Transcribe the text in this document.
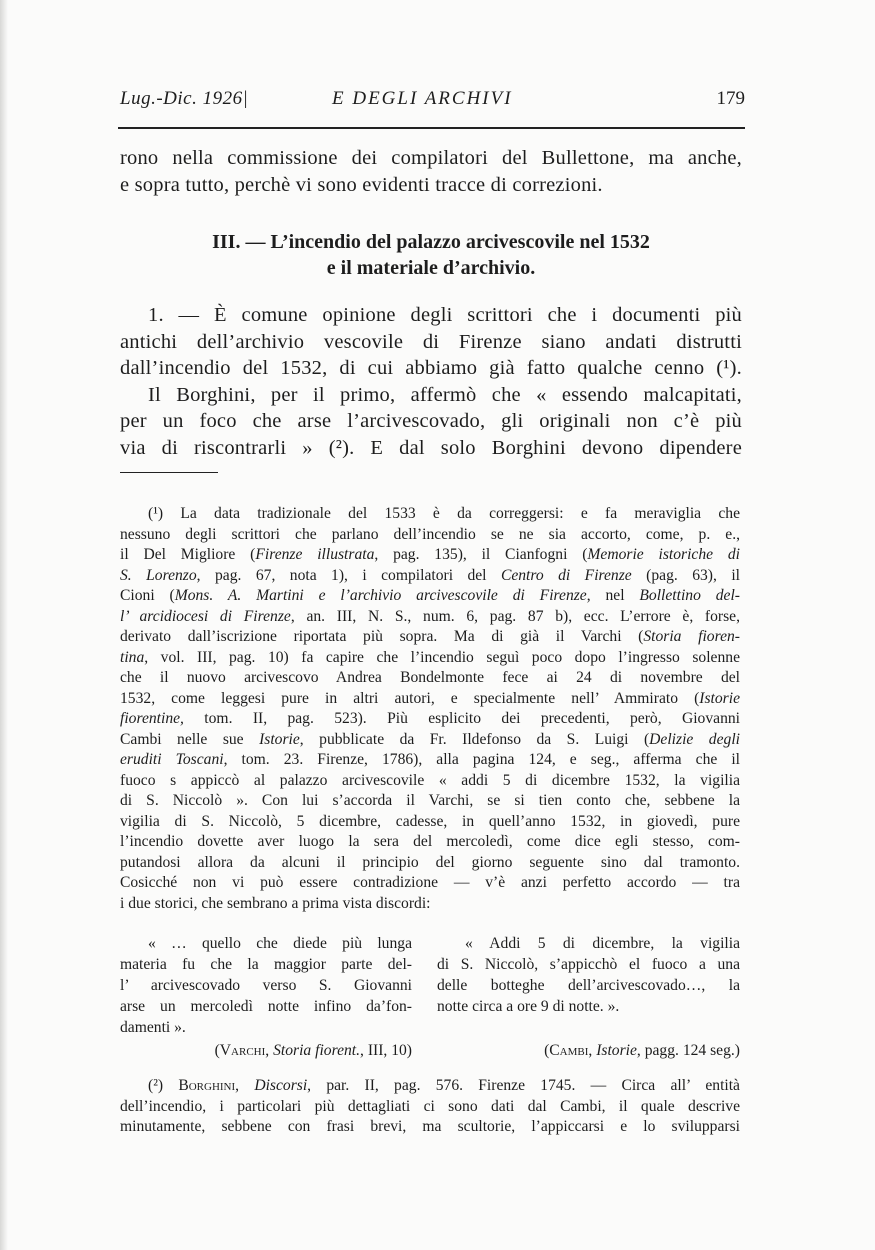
Lug.-Dic. 1926|	E DEGLI ARCHIVI	179
rono nella commissione dei compilatori del Bullettone, ma anche,
e sopra tutto, perchè vi sono evidenti tracce di correzioni.
III. — L’incendio del palazzo arcivescovile nel 1532
e il materiale d’archivio.
1. — È comune opinione degli scrittori che i documenti più
antichi dell’archivio vescovile di Firenze siano andati distrutti
dall’incendio del 1532, di cui abbiamo già fatto qualche cenno (¹).
Il Borghini, per il primo, affermò che « essendo malcapitati,
per un foco che arse l’arcivescovado, gli originali non c’è più
via di riscontrarli » (²). E dal solo Borghini devono dipendere
(¹) La data tradizionale del 1533 è da correggersi: e fa meraviglia che
nessuno degli scrittori che parlano dell’incendio se ne sia accorto, come, p. e.,
il Del Migliore (Firenze illustrata, pag. 135), il Cianfogni (Memorie istoriche di
S. Lorenzo, pag. 67, nota 1), i compilatori del Centro di Firenze (pag. 63), il
Cioni (Mons. A. Martini e l’archivio arcivescovile di Firenze, nel Bollettino del-
l’ arcidiocesi di Firenze, an. III, N. S., num. 6, pag. 87 b), ecc. L’errore è, forse,
derivato dall’iscrizione riportata più sopra. Ma di già il Varchi (Storia fioren-
tina, vol. III, pag. 10) fa capire che l’incendio seguì poco dopo l’ingresso solenne
che il nuovo arcivescovo Andrea Bondelmonte fece ai 24 di novembre del
1532, come leggesi pure in altri autori, e specialmente nell’ Ammirato (Istorie
fiorentine, tom. II, pag. 523). Più esplicito dei precedenti, però, Giovanni
Cambi nelle sue Istorie, pubblicate da Fr. Ildefonso da S. Luigi (Delizie degli
eruditi Toscani, tom. 23. Firenze, 1786), alla pagina 124, e seg., afferma che il
fuoco s appiccò al palazzo arcivescovile « addi 5 di dicembre 1532, la vigilia
di S. Niccolò ». Con lui s’accorda il Varchi, se si tien conto che, sebbene la
vigilia di S. Niccolò, 5 dicembre, cadesse, in quell’anno 1532, in giovedì, pure
l’incendio dovette aver luogo la sera del mercoledì, come dice egli stesso, com-
putandosi allora da alcuni il principio del giorno seguente sino dal tramonto.
Cosicché non vi può essere contradizione — v’è anzi perfetto accordo — tra
i due storici, che sembrano a prima vista discordi:
« … quello che diede più lunga
materia fu che la maggior parte del-
l’ arcivescovado verso S. Giovanni
arse un mercoledì notte infino da’fon-
damenti ».
(Varchi, Storia fiorent., III, 10)
« Addi 5 di dicembre, la vigilia
di S. Niccolò, s’appicchò el fuoco a una
delle botteghe dell’arcivescovado…, la
notte circa a ore 9 di notte. ».
(Cambi, Istorie, pagg. 124 seg.)
(²) Borghini, Discorsi, par. II, pag. 576. Firenze 1745. — Circa all’ entità
dell’incendio, i particolari più dettagliati ci sono dati dal Cambi, il quale descrive
minutamente, sebbene con frasi brevi, ma scultorie, l’appiccarsi e lo svilupparsi
